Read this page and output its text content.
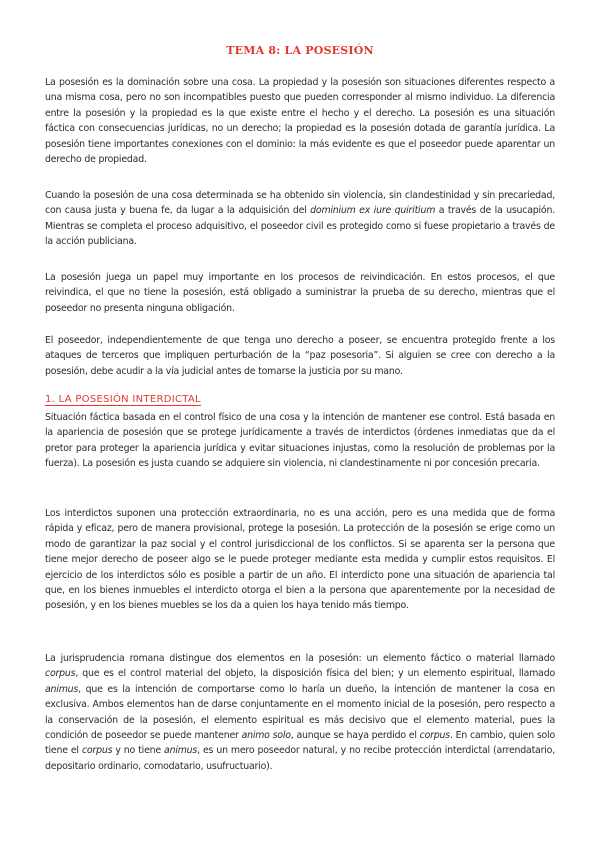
TEMA 8: LA POSESIÓN

La posesión es la dominación sobre una cosa. La propiedad y la posesión son situaciones diferentes respecto a una misma cosa, pero no son incompatibles puesto que pueden corresponder al mismo individuo. La diferencia entre la posesión y la propiedad es la que existe entre el hecho y el derecho. La posesión es una situación fáctica con consecuencias jurídicas, no un derecho; la propiedad es la posesión dotada de garantía jurídica. La posesión tiene importantes conexiones con el dominio: la más evidente es que el poseedor puede aparentar un derecho de propiedad.

Cuando la posesión de una cosa determinada se ha obtenido sin violencia, sin clandestinidad y sin precariedad, con causa justa y buena fe, da lugar a la adquisición del dominium ex iure quiritium a través de la usucapión. Mientras se completa el proceso adquisitivo, el poseedor civil es protegido como si fuese propietario a través de la acción publiciana.

La posesión juega un papel muy importante en los procesos de reivindicación. En estos procesos, el que reivindica, el que no tiene la posesión, está obligado a suministrar la prueba de su derecho, mientras que el poseedor no presenta ninguna obligación.

El poseedor, independientemente de que tenga uno derecho a poseer, se encuentra protegido frente a los ataques de terceros que impliquen perturbación de la “paz posesoria”. Si alguien se cree con derecho a la posesión, debe acudir a la vía judicial antes de tomarse la justicia por su mano.

1. LA POSESIÓN INTERDICTAL

Situación fáctica basada en el control físico de una cosa y la intención de mantener ese control. Está basada en la apariencia de posesión que se protege jurídicamente a través de interdictos (órdenes inmediatas que da el pretor para proteger la apariencia jurídica y evitar situaciones injustas, como la resolución de problemas por la fuerza). La posesión es justa cuando se adquiere sin violencia, ni clandestinamente ni por concesión precaria.

Los interdictos suponen una protección extraordinaria, no es una acción, pero es una medida que de forma rápida y eficaz, pero de manera provisional, protege la posesión. La protección de la posesión se erige como un modo de garantizar la paz social y el control jurisdiccional de los conflictos. Si se aparenta ser la persona que tiene mejor derecho de poseer algo se le puede proteger mediante esta medida y cumplir estos requisitos. El ejercicio de los interdictos sólo es posible a partir de un año. El interdicto pone una situación de apariencia tal que, en los bienes inmuebles el interdicto otorga el bien a la persona que aparentemente por la necesidad de posesión, y en los bienes muebles se los da a quien los haya tenido más tiempo.

La jurisprudencia romana distingue dos elementos en la posesión: un elemento fáctico o material llamado corpus, que es el control material del objeto, la disposición física del bien; y un elemento espiritual, llamado animus, que es la intención de comportarse como lo haría un dueño, la intención de mantener la cosa en exclusiva. Ambos elementos han de darse conjuntamente en el momento inicial de la posesión, pero respecto a la conservación de la posesión, el elemento espiritual es más decisivo que el elemento material, pues la condición de poseedor se puede mantener animo solo, aunque se haya perdido el corpus. En cambio, quien solo tiene el corpus y no tiene animus, es un mero poseedor natural, y no recibe protección interdictal (arrendatario, depositario ordinario, comodatario, usufructuario).
